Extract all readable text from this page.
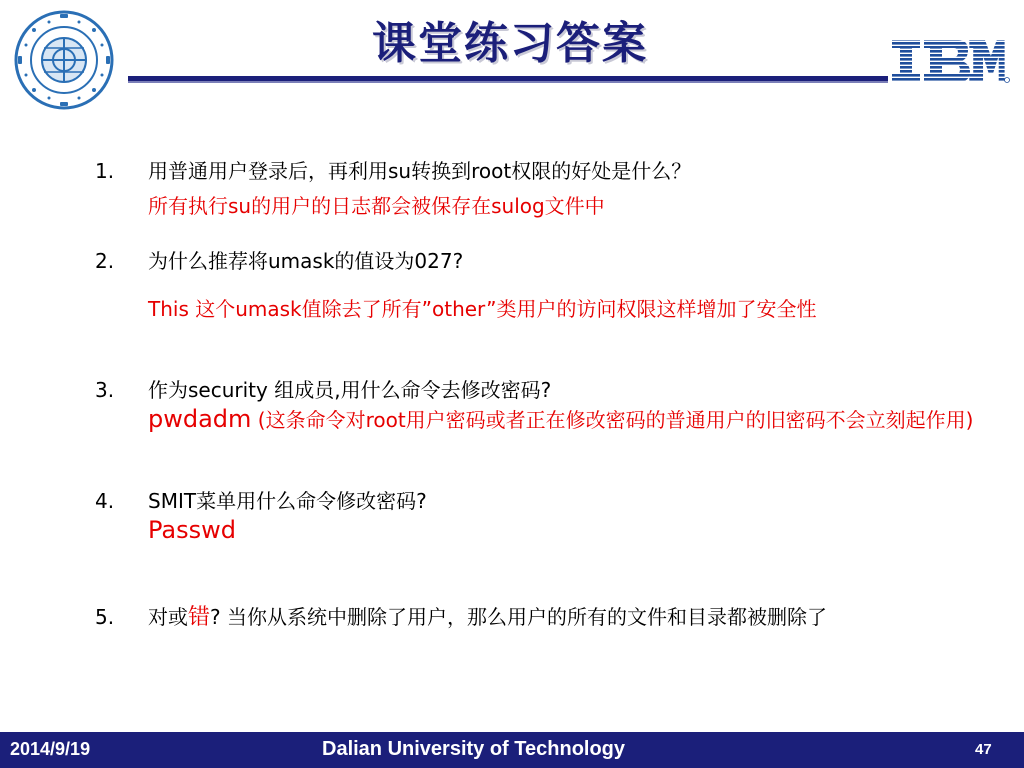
课堂练习答案
1.	用普通用户登录后，再利用su转换到root权限的好处是什么？
所有执行su的用户的日志都会被保存在sulog文件中
2.	为什么推荐将umask的值设为027?
This 这个umask值除去了所有”other”类用户的访问权限这样增加了安全性
3.	作为security 组成员,用什么命令去修改密码?
pwdadm (这条命令对root用户密码或者正在修改密码的普通用户的旧密码不会立刻起作用)
4.	SMIT菜单用什么命令修改密码?
Passwd
5.	对或错? 当你从系统中删除了用户，那么用户的所有的文件和目录都被删除了
2014/9/19	Dalian University of Technology	47
